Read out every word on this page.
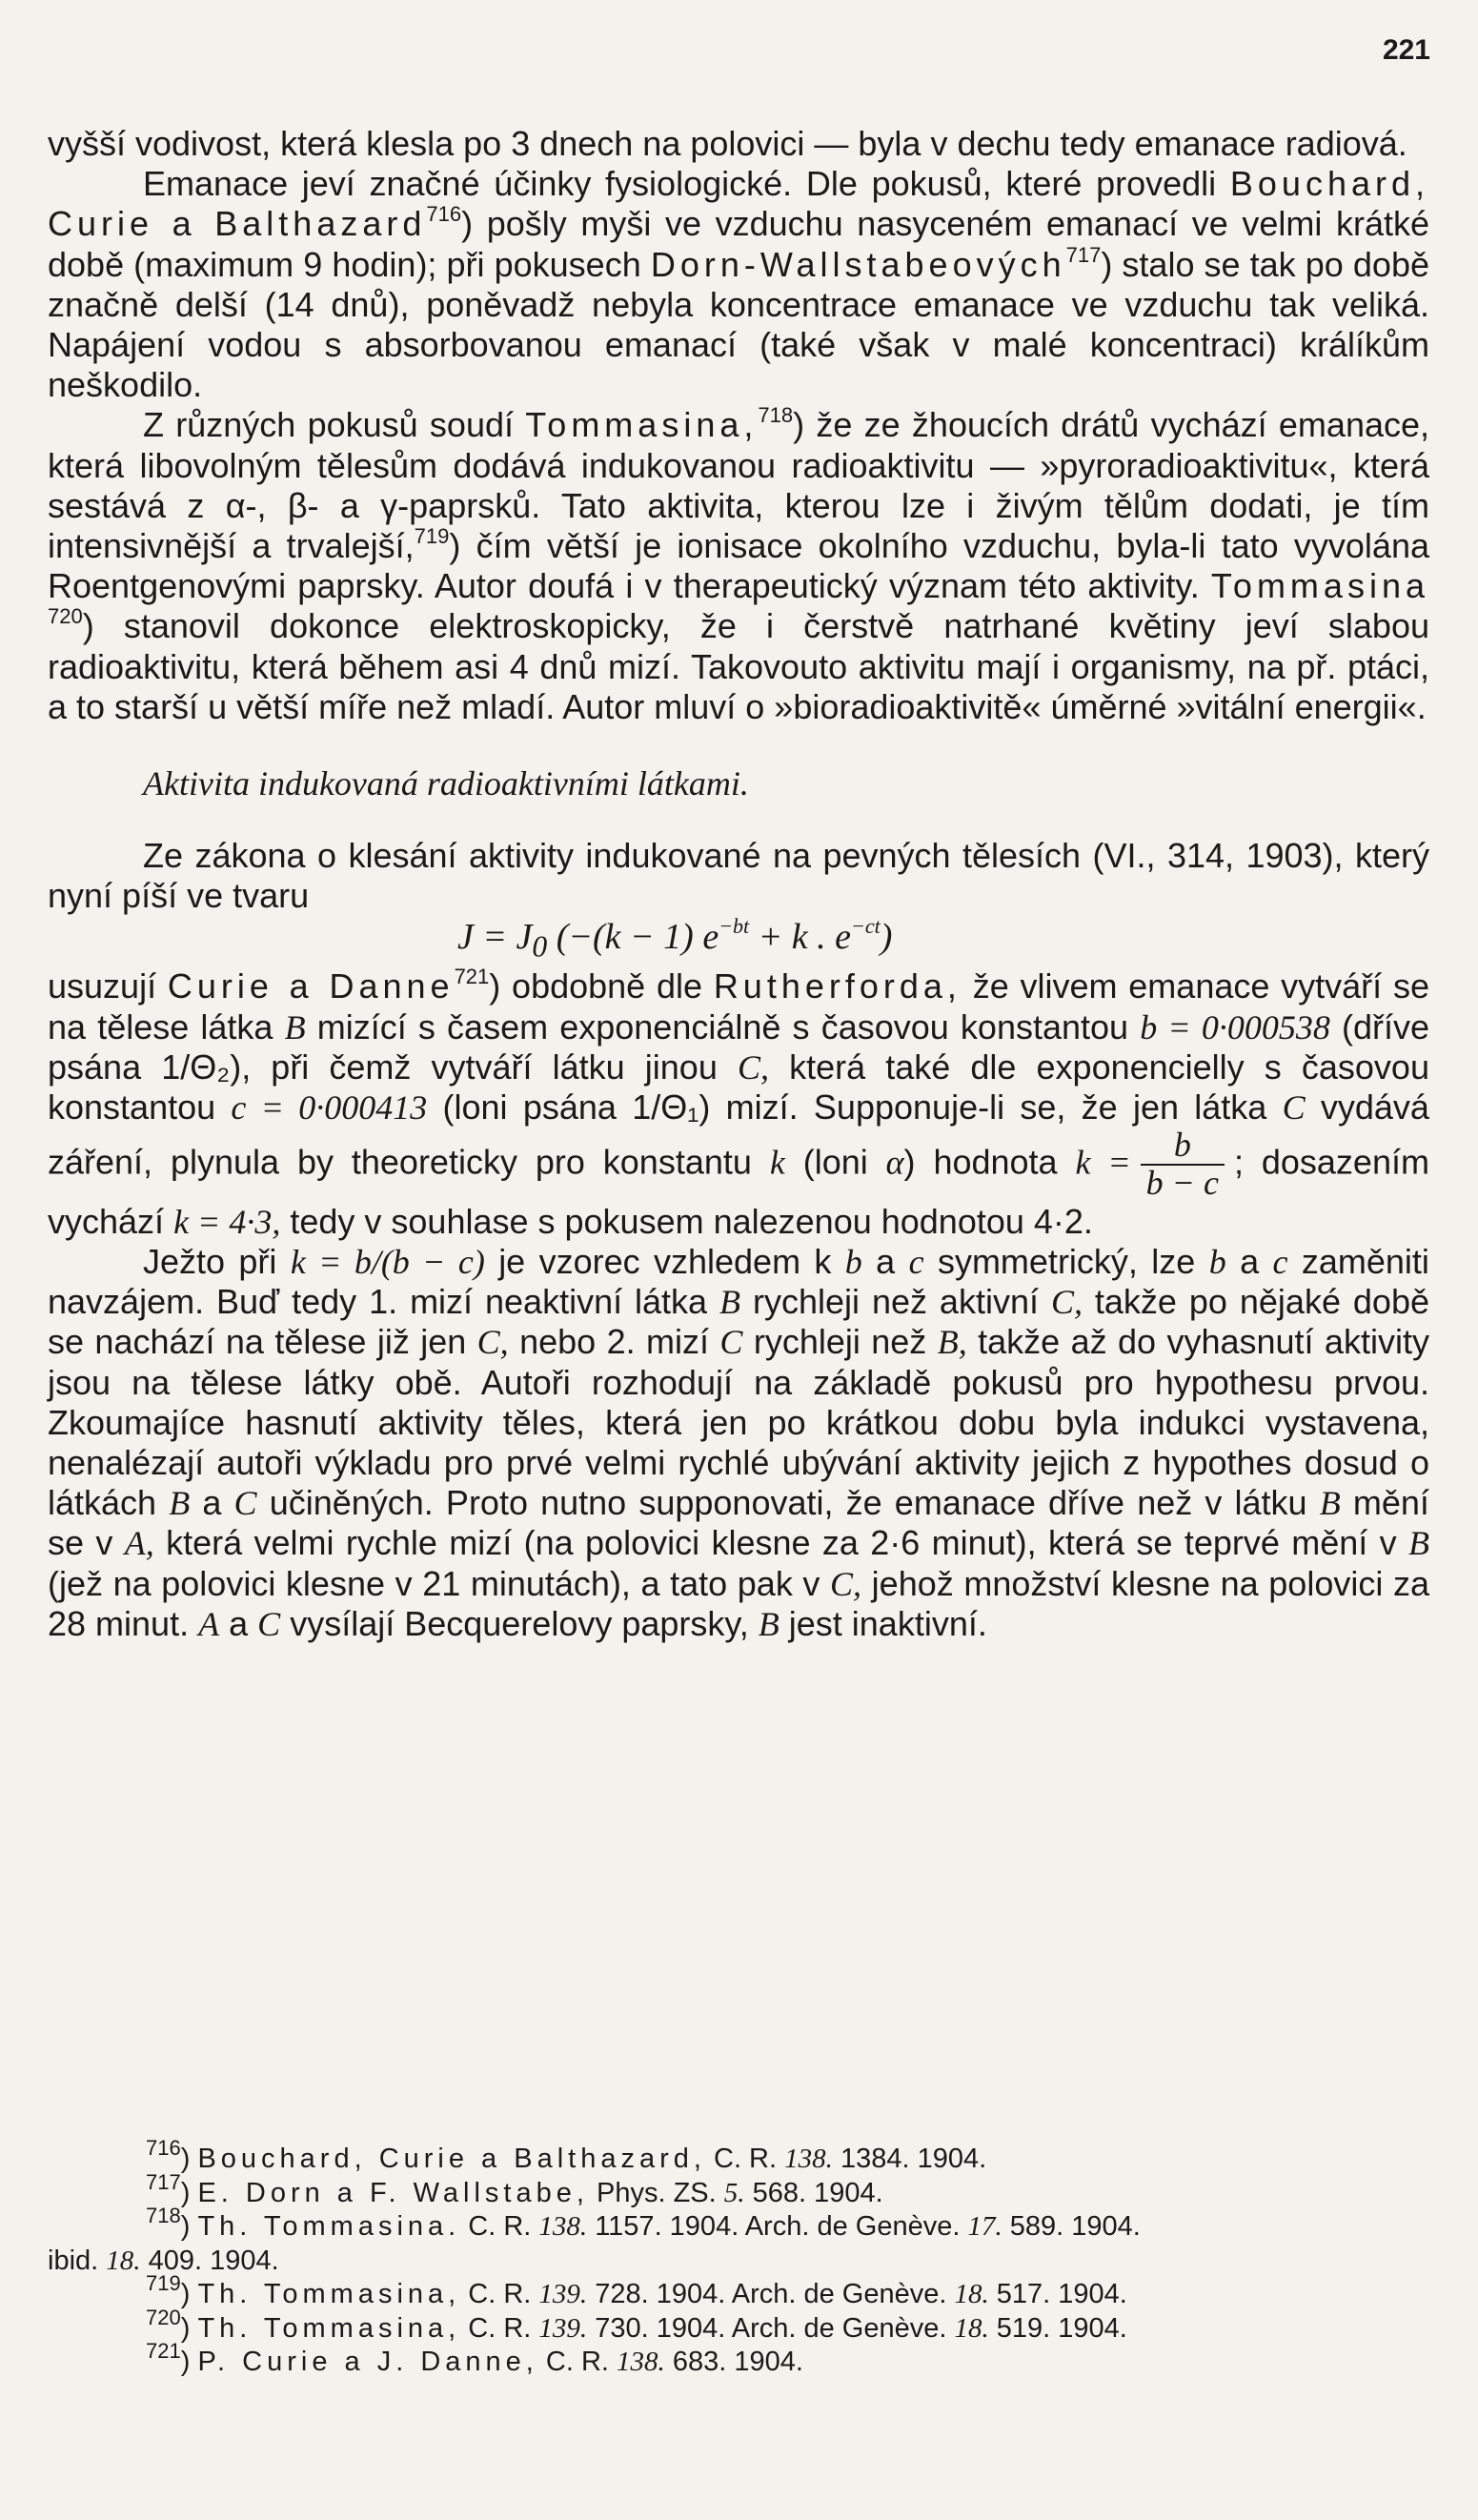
221

vyšší vodivost, která klesla po 3 dnech na polovici — byla v dechu tedy emanace radiová.

Emanace jeví značné účinky fysiologické. Dle pokusů, které provedli Bouchard, Curie a Balthazard$^{716}$) pošly myši ve vzduchu nasyceném emanací ve velmi krátké době (maximum 9 hodin); při pokusech Dorn-Wallstabeových$^{717}$) stalo se tak po době značně delší (14 dnů), poněvadž nebyla koncentrace emanace ve vzduchu tak veliká. Napájení vodou s absorbovanou emanací (také však v malé koncentraci) králíkům neškodilo.

Z různých pokusů soudí Tommasina,$^{718}$) že ze žhoucích drátů vychází emanace, která libovolným tělesům dodává indukovanou radioaktivitu — »pyroradioaktivitu«, která sestává z α-, β- a γ-paprsků. Tato aktivita, kterou lze i živým tělům dodati, je tím intensivnější a trvalejší,$^{719}$) čím větší je ionisace okolního vzduchu, byla-li tato vyvolána Roentgenovými paprsky. Autor doufá i v therapeutický význam této aktivity. Tommasina $^{720}$) stanovil dokonce elektroskopicky, že i čerstvě natrhané květiny jeví slabou radioaktivitu, která během asi 4 dnů mizí. Takovouto aktivitu mají i organismy, na př. ptáci, a to starší u větší míře než mladí. Autor mluví o »bioradioaktivitě« úměrné »vitální energii«.

Aktivita indukovaná radioaktivními látkami.

Ze zákona o klesání aktivity indukované na pevných tělesích (VI., 314, 1903), který nyní píší ve tvaru

$J = J_0$ (−(k − 1) $e^{-bt} + k$ . $e^{-ct}$)

usuzují Curie a Danne$^{721}$) obdobně dle Rutherforda, že vlivem emanace vytváří se na tělese látka B mizící s časem exponenciálně s časovou konstantou b = 0·000538 (dříve psána 1/Θ₂), při čemž vytváří látku jinou C, která také dle exponencielly s časovou konstantou c = 0·000413 (loni psána 1/Θ₁) mizí. Supponuje-li se, že jen látka C vydává záření, plynula by theoreticky pro konstantu k (loni α) hodnota $k = \frac{b}{b - c}$ ; dosazením vychází k = 4·3, tedy v souhlase s pokusem nalezenou hodnotou 4·2.

Ježto při k = b/(b − c) je vzorec vzhledem k b a c symmetrický, lze b a c zaměniti navzájem. Buď tedy 1. mizí neaktivní látka B rychleji než aktivní C, takže po nějaké době se nachází na tělese již jen C, nebo 2. mizí C rychleji než B, takže až do vyhasnutí aktivity jsou na tělese látky obě. Autoři rozhodují na základě pokusů pro hypothesu prvou. Zkoumajíce hasnutí aktivity těles, která jen po krátkou dobu byla indukci vystavena, nenalézají autoři výkladu pro prvé velmi rychlé ubývání aktivity jejich z hypothes dosud o látkách B a C učiněných. Proto nutno supponovati, že emanace dříve než v látku B mění se v A, která velmi rychle mizí (na polovici klesne za 2·6 minut), která se teprvé mění v B (jež na polovici klesne v 21 minutách), a tato pak v C, jehož množství klesne na polovici za 28 minut. A a C vysílají Becquerelovy paprsky, B jest inaktivní.

$^{716}$) Bouchard, Curie a Balthazard, C. R. 138. 1384. 1904.

$^{717}$) E. Dorn a F. Wallstabe, Phys. ZS. 5. 568. 1904.

$^{718}$) Th. Tommasina. C. R. 138. 1157. 1904. Arch. de Genève. 17. 589. 1904.

ibid. 18. 409. 1904.

$^{719}$) Th. Tommasina, C. R. 139. 728. 1904. Arch. de Genève. 18. 517. 1904.

$^{720}$) Th. Tommasina, C. R. 139. 730. 1904. Arch. de Genève. 18. 519. 1904.

$^{721}$) P. Curie a J. Danne, C. R. 138. 683. 1904.
